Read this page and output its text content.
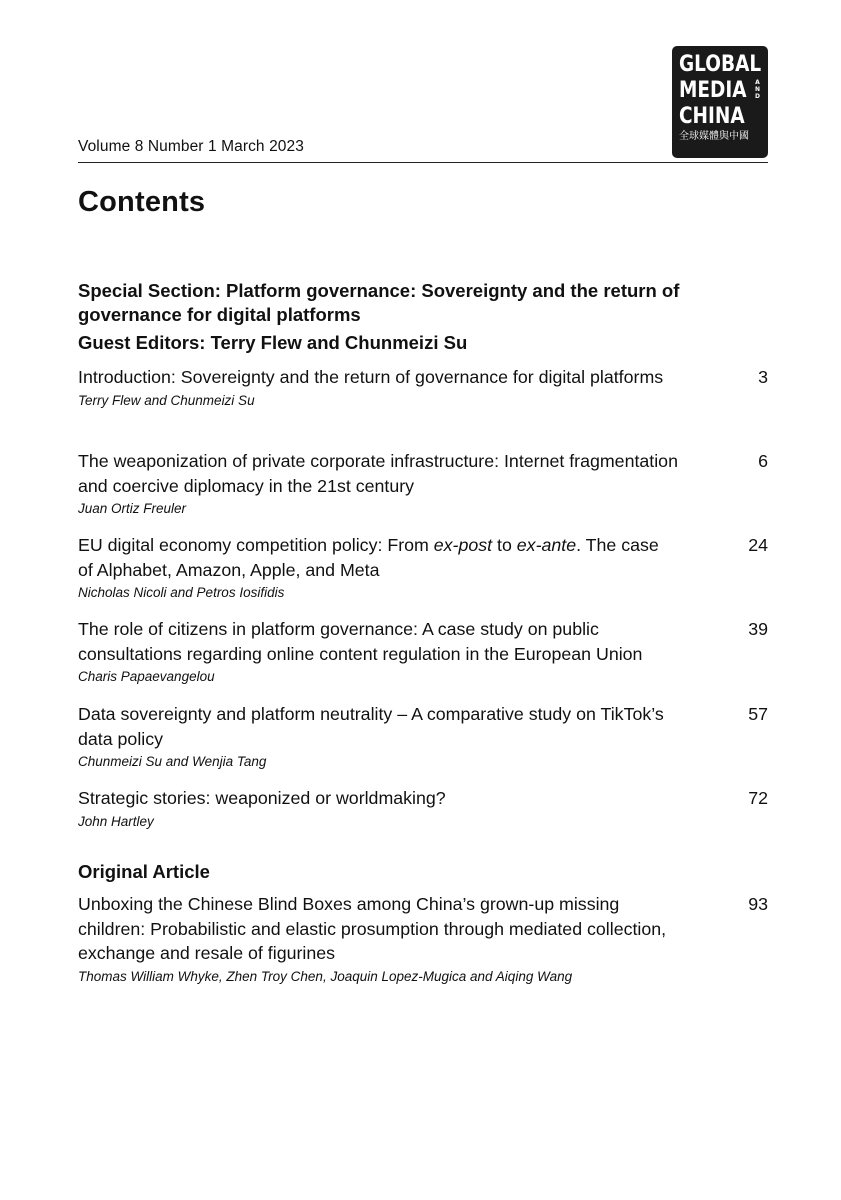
GLOBAL
MEDIA
CHINA
A
N
D
全球媒體與中國
Volume 8 Number 1 March 2023
Contents
Special Section: Platform governance: Sovereignty and the return of governance for digital platforms
Guest Editors: Terry Flew and Chunmeizi Su
Introduction: Sovereignty and the return of governance for digital platforms
Terry Flew and Chunmeizi Su
3
The weaponization of private corporate infrastructure: Internet fragmentation and coercive diplomacy in the 21st century
Juan Ortiz Freuler
6
EU digital economy competition policy: From ex-post to ex-ante. The case of Alphabet, Amazon, Apple, and Meta
Nicholas Nicoli and Petros Iosifidis
24
The role of citizens in platform governance: A case study on public consultations regarding online content regulation in the European Union
Charis Papaevangelou
39
Data sovereignty and platform neutrality – A comparative study on TikTok’s data policy
Chunmeizi Su and Wenjia Tang
57
Strategic stories: weaponized or worldmaking?
John Hartley
72
Original Article
Unboxing the Chinese Blind Boxes among China’s grown-up missing children: Probabilistic and elastic prosumption through mediated collection, exchange and resale of figurines
Thomas William Whyke, Zhen Troy Chen, Joaquin Lopez-Mugica and Aiqing Wang
93
